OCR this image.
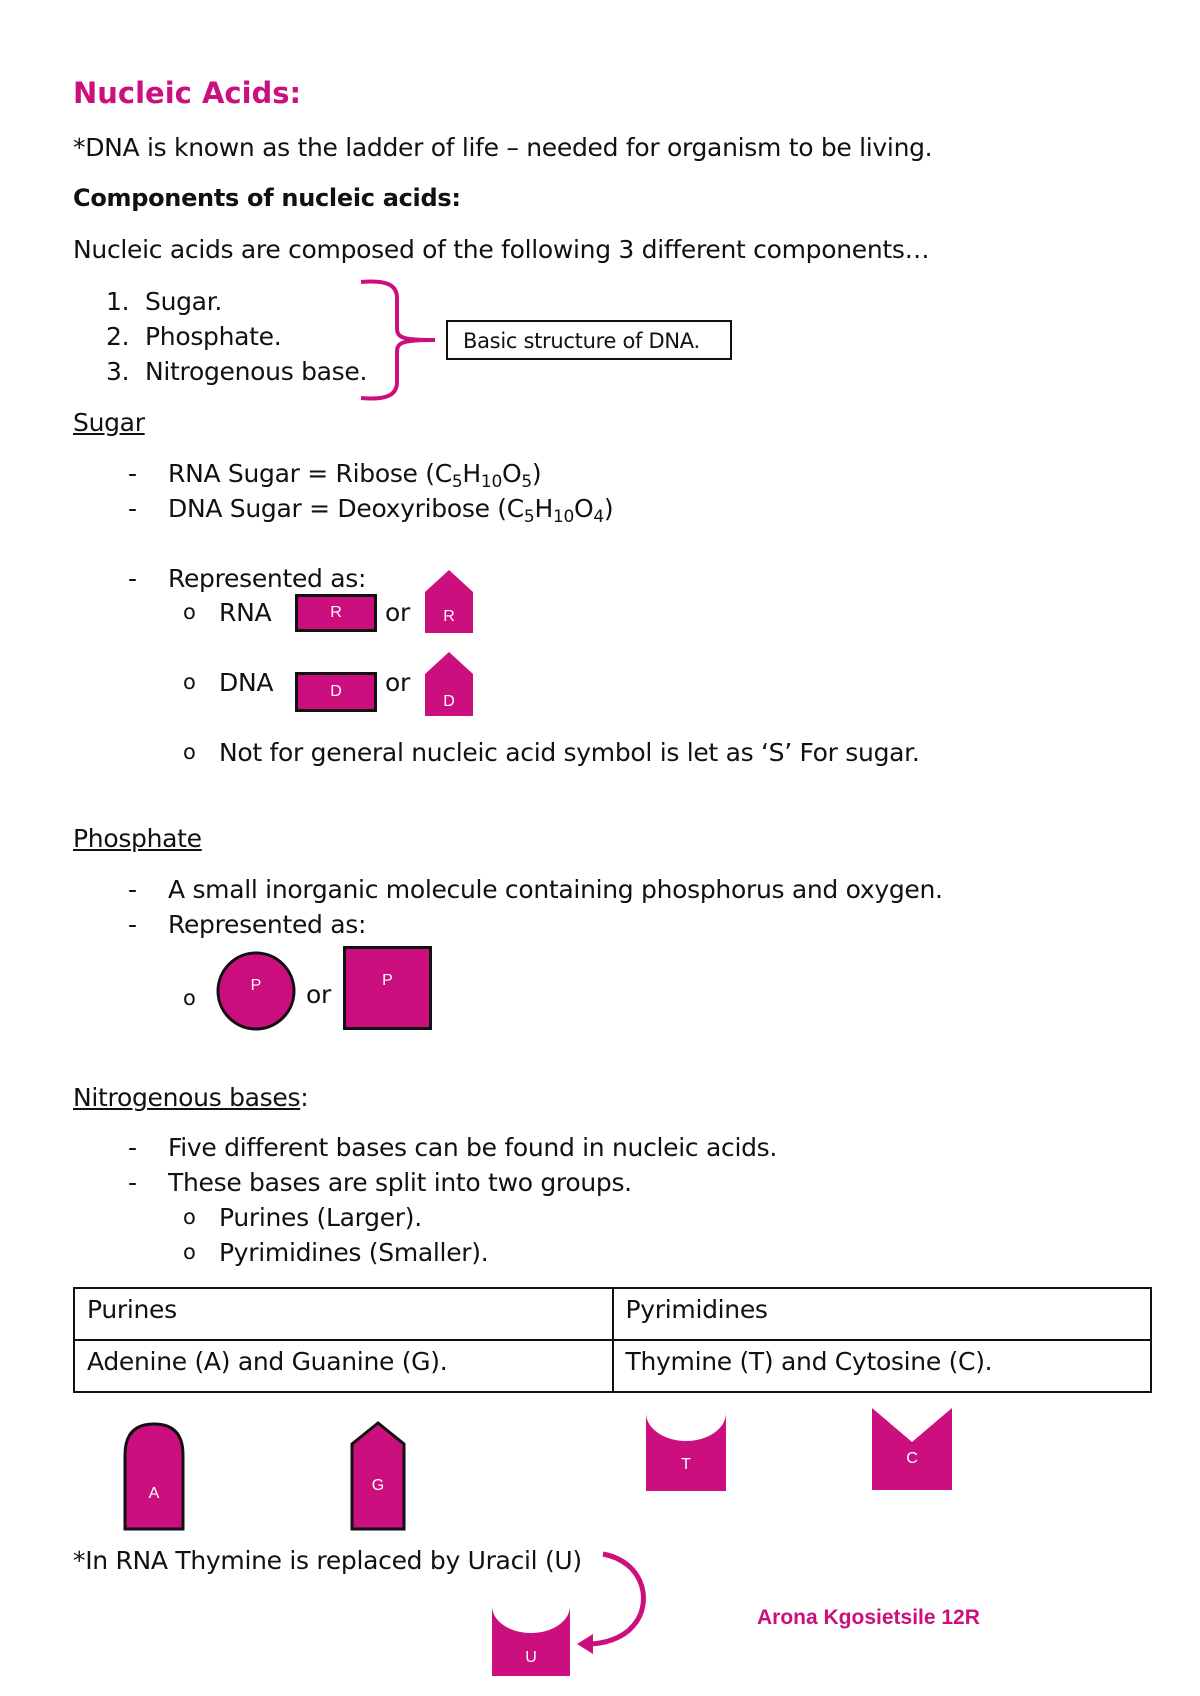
Nucleic Acids:
*DNA is known as the ladder of life – needed for organism to be living.
Components of nucleic acids:
Nucleic acids are composed of the following 3 different components…
1. Sugar.
2. Phosphate.
3. Nitrogenous base.
Basic structure of DNA.
Sugar
- RNA Sugar = Ribose $(C_5H_{10}O_5)$
- DNA Sugar = Deoxyribose $(C_5H_{10}O_4)$
- Represented as:
o RNA	R	or R
o DNA	D	or
D
o Not for general nucleic acid symbol is let as ‘S’ For sugar.
Phosphate
- A small inorganic molecule containing phosphorus and oxygen.
- Represented as:
o
P or	P
Nitrogenous bases:
- Five different bases can be found in nucleic acids.
- These bases are split into two groups.
o Purines (Larger).
o Pyrimidines (Smaller).
Purines	Pyrimidines
Adenine (A) and Guanine (G).	Thymine (T) and Cytosine (C).
A	G
T	C
*In RNA Thymine is replaced by Uracil (U)
U
Arona Kgosietsile 12R
